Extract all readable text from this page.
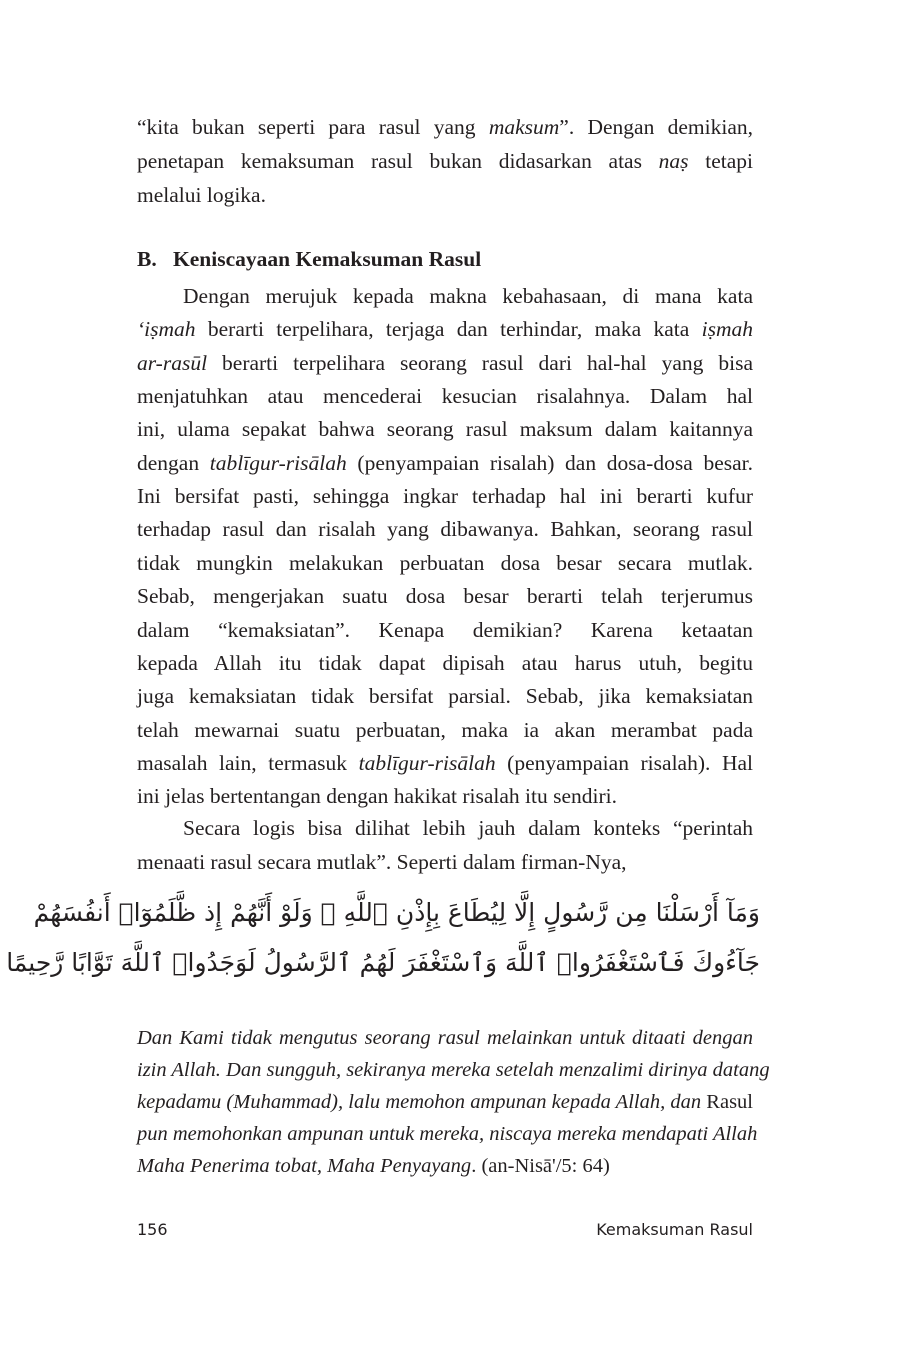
“kita bukan seperti para rasul yang maksum”. Dengan demikian,
penetapan kemaksuman rasul bukan didasarkan atas naṣ tetapi
melalui logika.
B. Keniscayaan Kemaksuman Rasul
Dengan merujuk kepada makna kebahasaan, di mana kata
‘iṣmah berarti terpelihara, terjaga dan terhindar, maka kata iṣmah
ar-rasūl berarti terpelihara seorang rasul dari hal-hal yang bisa
menjatuhkan atau mencederai kesucian risalahnya. Dalam hal
ini, ulama sepakat bahwa seorang rasul maksum dalam kaitannya
dengan tablīgur-risālah (penyampaian risalah) dan dosa-dosa besar.
Ini bersifat pasti, sehingga ingkar terhadap hal ini berarti kufur
terhadap rasul dan risalah yang dibawanya. Bahkan, seorang rasul
tidak mungkin melakukan perbuatan dosa besar secara mutlak.
Sebab, mengerjakan suatu dosa besar berarti telah terjerumus
dalam “kemaksiatan”. Kenapa demikian? Karena ketaatan
kepada Allah itu tidak dapat dipisah atau harus utuh, begitu
juga kemaksiatan tidak bersifat parsial. Sebab, jika kemaksiatan
telah mewarnai suatu perbuatan, maka ia akan merambat pada
masalah lain, termasuk tablīgur-risālah (penyampaian risalah). Hal
ini jelas bertentangan dengan hakikat risalah itu sendiri.
Secara logis bisa dilihat lebih jauh dalam konteks “perintah
menaati rasul secara mutlak”. Seperti dalam firman-Nya,
وَمَآ أَرْسَلْنَا مِن رَّسُولٍ إِلَّا لِيُطَاعَ بِإِذْنِ ٱللَّهِ ۚ وَلَوْ أَنَّهُمْ إِذ ظَّلَمُوٓا۟ أَنفُسَهُمْ
جَآءُوكَ فَٱسْتَغْفَرُوا۟ ٱللَّهَ وَٱسْتَغْفَرَ لَهُمُ ٱلرَّسُولُ لَوَجَدُوا۟ ٱللَّهَ تَوَّابًا رَّحِيمًا
Dan Kami tidak mengutus seorang rasul melainkan untuk ditaati dengan
izin Allah. Dan sungguh, sekiranya mereka setelah menzalimi dirinya datang
kepadamu (Muhammad), lalu memohon ampunan kepada Allah, dan Rasul
pun memohonkan ampunan untuk mereka, niscaya mereka mendapati Allah
Maha Penerima tobat, Maha Penyayang. (an-Nisā'/5: 64)
156	Kemaksuman Rasul
